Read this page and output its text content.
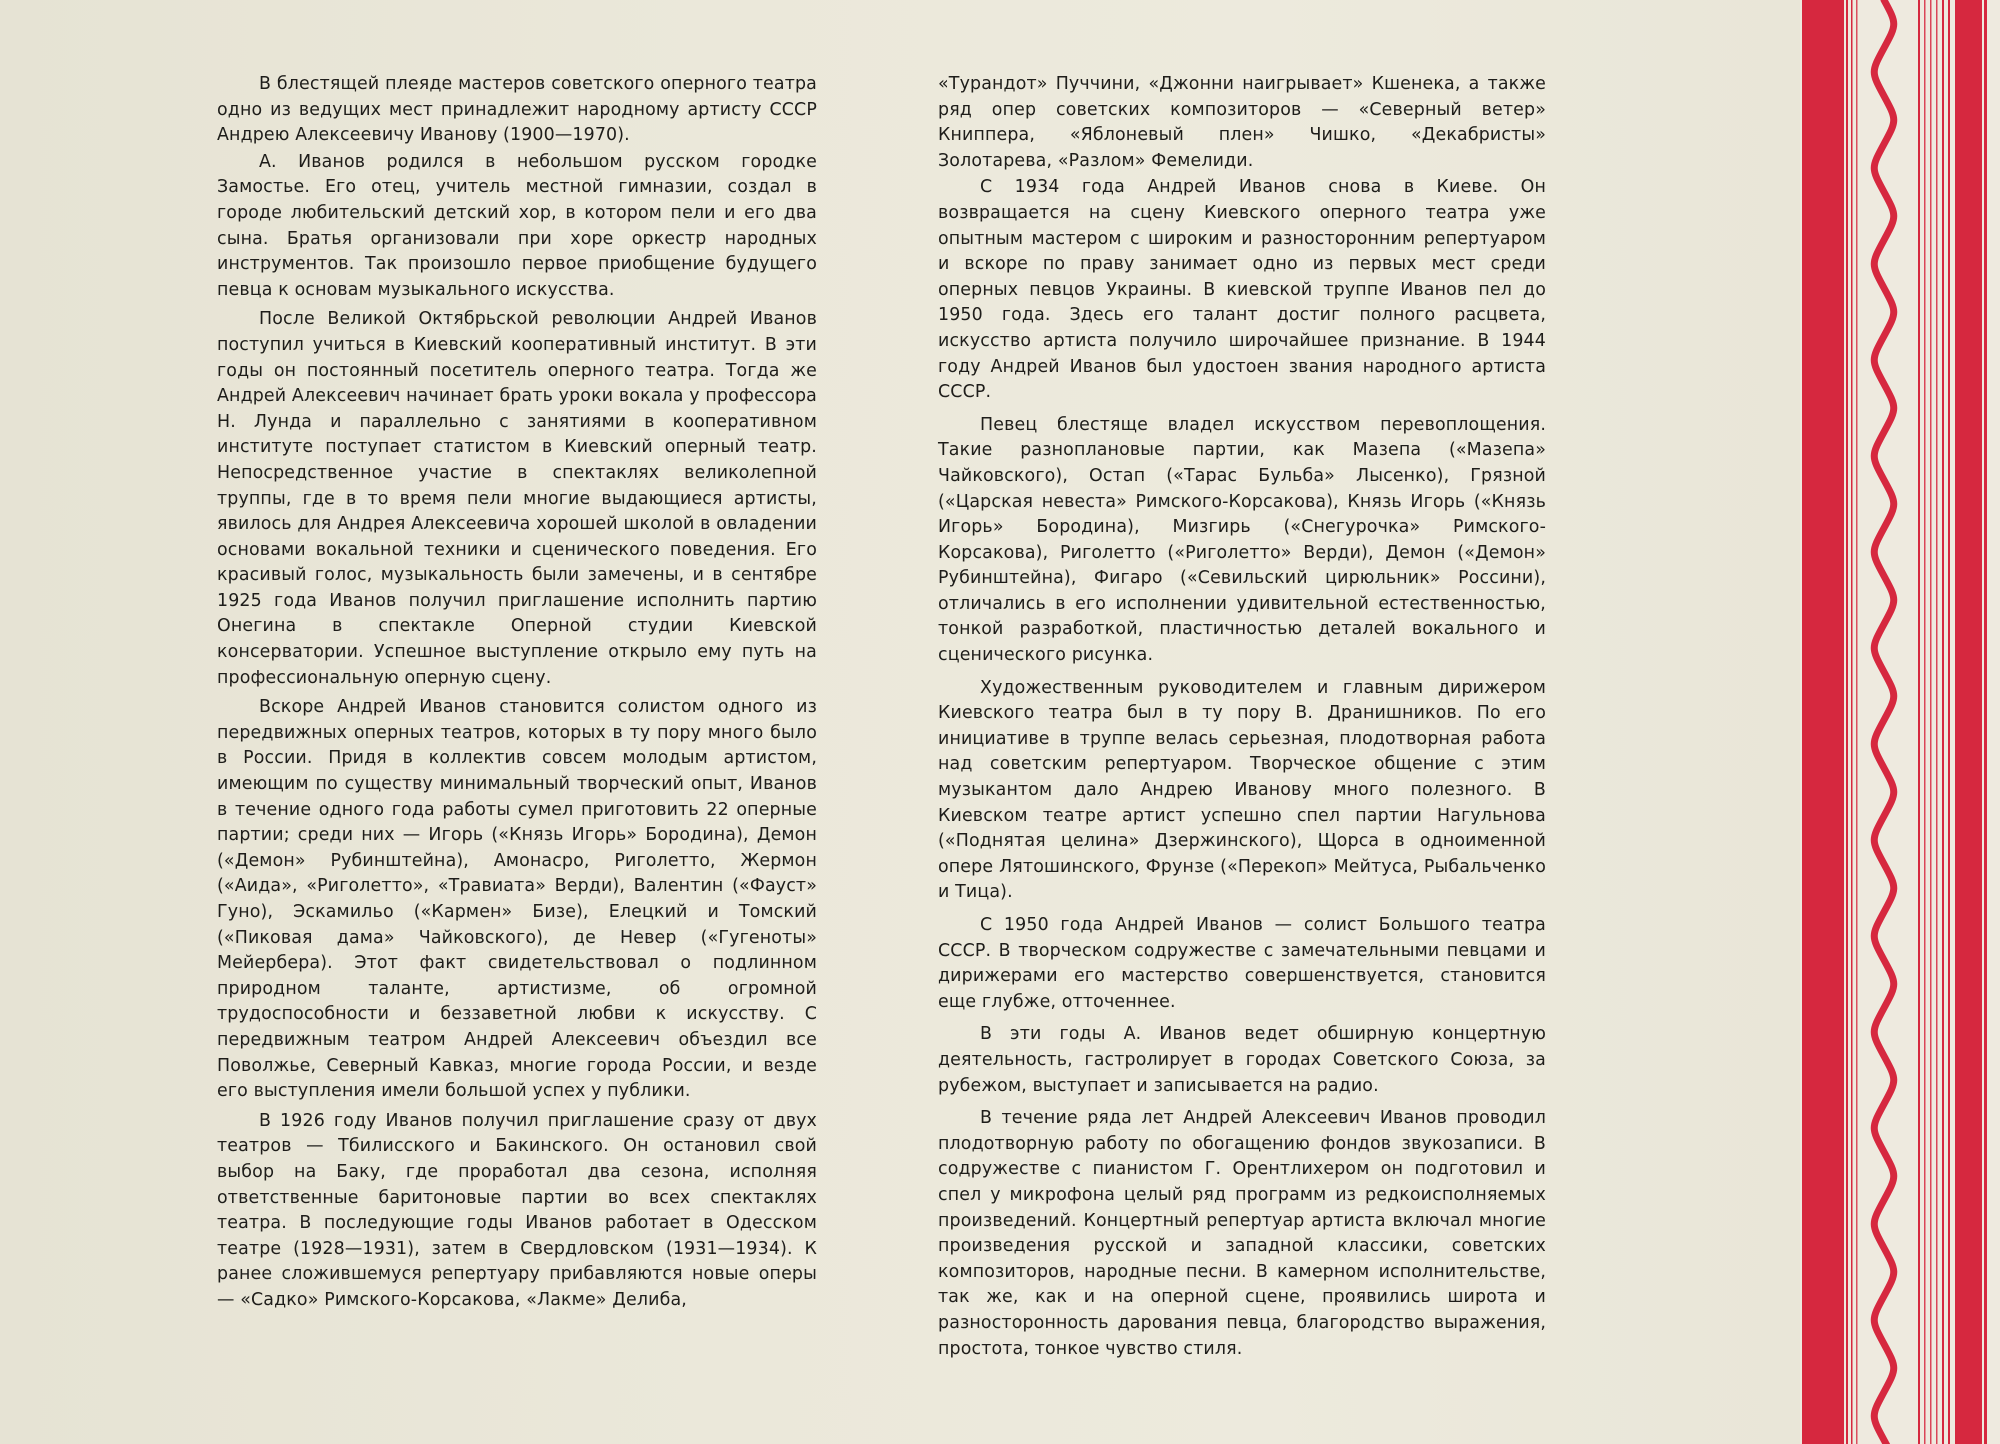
В блестящей плеяде мастеров советского оперного театра одно из ведущих мест принадлежит народному артисту СССР Андрею Алексеевичу Иванову (1900—1970).

А. Иванов родился в небольшом русском городке Замостье. Его отец, учитель местной гимназии, создал в городе любительский детский хор, в котором пели и его два сына. Братья организовали при хоре оркестр народных инструментов. Так произошло первое приобщение будущего певца к основам музыкального искусства.

После Великой Октябрьской революции Андрей Иванов поступил учиться в Киевский кооперативный институт. В эти годы он постоянный посетитель оперного театра. Тогда же Андрей Алексеевич начинает брать уроки вокала у профессора Н. Лунда и параллельно с занятиями в кооперативном институте поступает статистом в Киевский оперный театр. Непосредственное участие в спектаклях великолепной труппы, где в то время пели многие выдающиеся артисты, явилось для Андрея Алексеевича хорошей школой в овладении основами вокальной техники и сценического поведения. Его красивый голос, музыкальность были замечены, и в сентябре 1925 года Иванов получил приглашение исполнить партию Онегина в спектакле Оперной студии Киевской консерватории. Успешное выступление открыло ему путь на профессиональную оперную сцену.

Вскоре Андрей Иванов становится солистом одного из передвижных оперных театров, которых в ту пору много было в России. Придя в коллектив совсем молодым артистом, имеющим по существу минимальный творческий опыт, Иванов в течение одного года работы сумел приготовить 22 оперные партии; среди них — Игорь («Князь Игорь» Бородина), Демон («Демон» Рубинштейна), Амонасро, Риголетто, Жермон («Аида», «Риголетто», «Травиата» Верди), Валентин («Фауст» Гуно), Эскамильо («Кармен» Бизе), Елецкий и Томский («Пиковая дама» Чайковского), де Невер («Гугеноты» Мейербера). Этот факт свидетельствовал о подлинном природном таланте, артистизме, об огромной трудоспособности и беззаветной любви к искусству. С передвижным театром Андрей Алексеевич объездил все Поволжье, Северный Кавказ, многие города России, и везде его выступления имели большой успех у публики.

В 1926 году Иванов получил приглашение сразу от двух театров — Тбилисского и Бакинского. Он остановил свой выбор на Баку, где проработал два сезона, исполняя ответственные баритоновые партии во всех спектаклях театра. В последующие годы Иванов работает в Одесском театре (1928—1931), затем в Свердловском (1931—1934). К ранее сложившемуся репертуару прибавляются новые оперы — «Садко» Римского-Корсакова, «Лакме» Делиба,

«Турандот» Пуччини, «Джонни наигрывает» Кшенека, а также ряд опер советских композиторов — «Северный ветер» Книппера, «Яблоневый плен» Чишко, «Декабристы» Золотарева, «Разлом» Фемелиди.

С 1934 года Андрей Иванов снова в Киеве. Он возвращается на сцену Киевского оперного театра уже опытным мастером с широким и разносторонним репертуаром и вскоре по праву занимает одно из первых мест среди оперных певцов Украины. В киевской труппе Иванов пел до 1950 года. Здесь его талант достиг полного расцвета, искусство артиста получило широчайшее признание. В 1944 году Андрей Иванов был удостоен звания народного артиста СССР.

Певец блестяще владел искусством перевоплощения. Такие разноплановые партии, как Мазепа («Мазепа» Чайковского), Остап («Тарас Бульба» Лысенко), Грязной («Царская невеста» Римского-Корсакова), Князь Игорь («Князь Игорь» Бородина), Мизгирь («Снегурочка» Римского-Корсакова), Риголетто («Риголетто» Верди), Демон («Демон» Рубинштейна), Фигаро («Севильский цирюльник» Россини), отличались в его исполнении удивительной естественностью, тонкой разработкой, пластичностью деталей вокального и сценического рисунка.

Художественным руководителем и главным дирижером Киевского театра был в ту пору В. Дранишников. По его инициативе в труппе велась серьезная, плодотворная работа над советским репертуаром. Творческое общение с этим музыкантом дало Андрею Иванову много полезного. В Киевском театре артист успешно спел партии Нагульнова («Поднятая целина» Дзержинского), Щорса в одноименной опере Лятошинского, Фрунзе («Перекоп» Мейтуса, Рыбальченко и Тица).

С 1950 года Андрей Иванов — солист Большого театра СССР. В творческом содружестве с замечательными певцами и дирижерами его мастерство совершенствуется, становится еще глубже, отточеннее.

В эти годы А. Иванов ведет обширную концертную деятельность, гастролирует в городах Советского Союза, за рубежом, выступает и записывается на радио.

В течение ряда лет Андрей Алексеевич Иванов проводил плодотворную работу по обогащению фондов звукозаписи. В содружестве с пианистом Г. Орентлихером он подготовил и спел у микрофона целый ряд программ из редкоисполняемых произведений. Концертный репертуар артиста включал многие произведения русской и западной классики, советских композиторов, народные песни. В камерном исполнительстве, так же, как и на оперной сцене, проявились широта и разносторонность дарования певца, благородство выражения, простота, тонкое чувство стиля.
